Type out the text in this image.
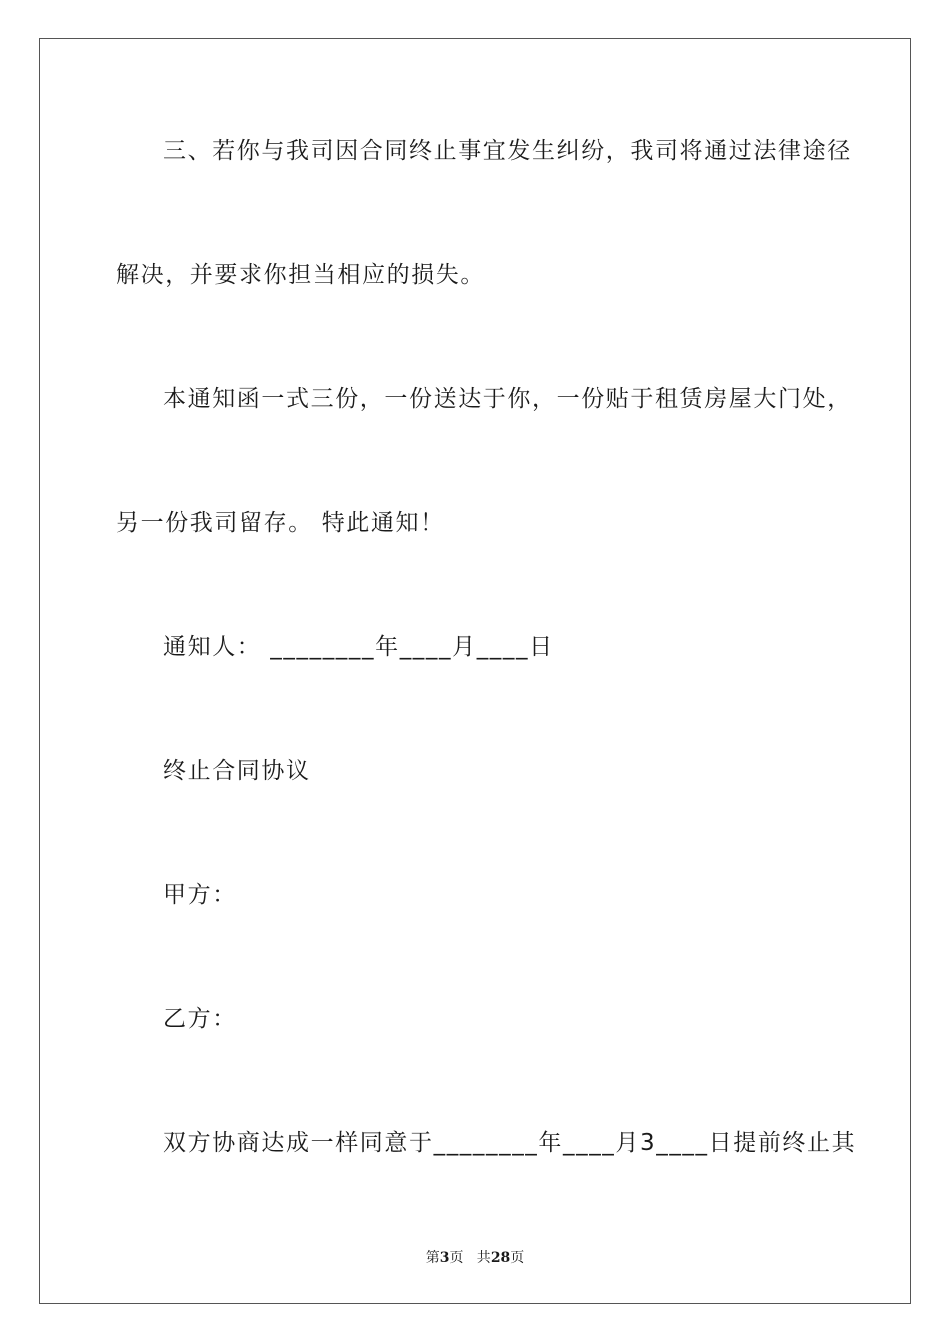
三、若你与我司因合同终止事宜发生纠纷，我司将通过法律途径
解决，并要求你担当相应的损失。
本通知函一式三份，一份送达于你，一份贴于租赁房屋大门处，
另一份我司留存。 特此通知！
通知人： ________年____月____日
终止合同协议
甲方：
乙方：
双方协商达成一样同意于________年____月3____日提前终止其
第3页   共28页
